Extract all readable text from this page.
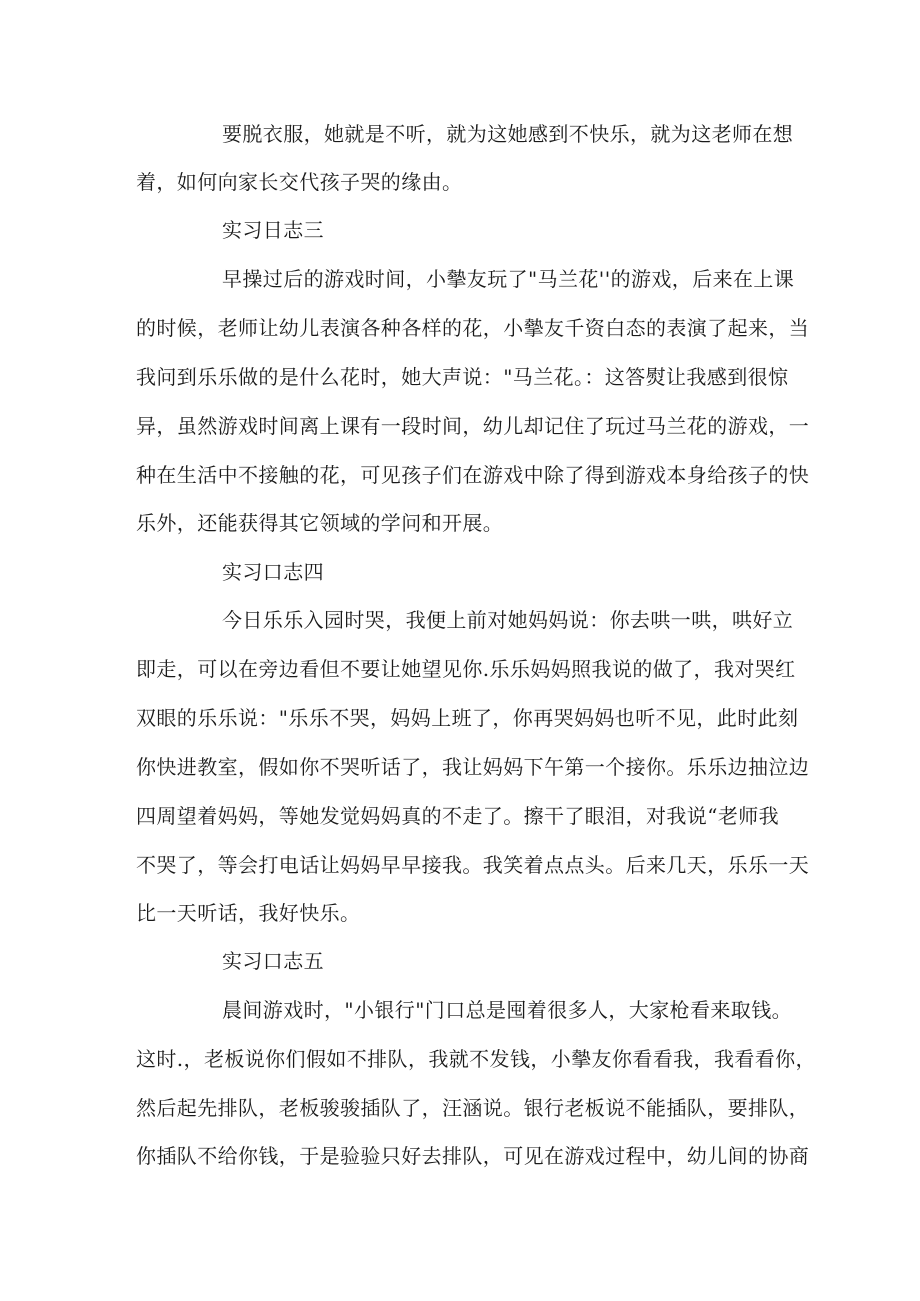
要脱衣服，她就是不听，就为这她感到不快乐，就为这老师在想
着，如何向家长交代孩子哭的缘由。
实习日志三
早操过后的游戏时间，小摰友玩了"马兰花''的游戏，后来在上课
的时候，老师让幼儿表演各种各样的花，小摰友千资白态的表演了起来，当
我问到乐乐做的是什么花时，她大声说："马兰花。：这答熨让我感到很惊
异，虽然游戏时间离上课有一段时间，幼儿却记住了玩过马兰花的游戏，一
种在生活中不接触的花，可见孩子们在游戏中除了得到游戏本身给孩子的快
乐外，还能获得其它领域的学问和开展。
实习口志四
今日乐乐入园时哭，我便上前对她妈妈说：你去哄一哄，哄好立
即走，可以在旁边看但不要让她望见你.乐乐妈妈照我说的做了，我对哭红
双眼的乐乐说："乐乐不哭，妈妈上班了，你再哭妈妈也听不见，此时此刻
你快进教室，假如你不哭听话了，我让妈妈下午第一个接你。乐乐边抽泣边
四周望着妈妈，等她发觉妈妈真的不走了。擦干了眼泪，对我说“老师我
不哭了，等会打电话让妈妈早早接我。我笑着点点头。后来几天，乐乐一天
比一天听话，我好快乐。
实习口志五
晨间游戏时，"小银行"门口总是囤着很多人，大家枪看来取钱。
这时.，老板说你们假如不排队，我就不发钱，小摰友你看看我，我看看你，
然后起先排队，老板骏骏插队了，汪涵说。银行老板说不能插队，要排队，
你插队不给你钱，于是验验只好去排队，可见在游戏过程中，幼儿间的协商
